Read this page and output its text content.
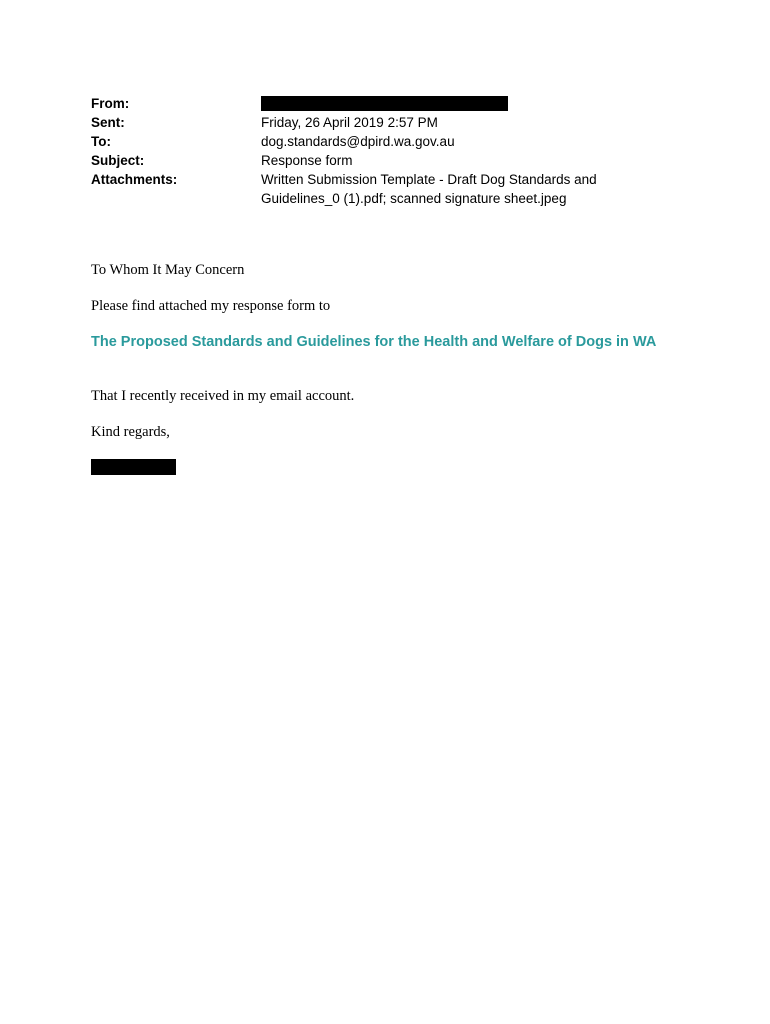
From:
Sent:	Friday, 26 April 2019 2:57 PM
To:	dog.standards@dpird.wa.gov.au
Subject:	Response form
Attachments:	Written Submission Template - Draft Dog Standards and Guidelines_0 (1).pdf; scanned signature sheet.jpeg

To Whom It May Concern

Please find attached my response form to

The Proposed Standards and Guidelines for the Health and Welfare of Dogs in WA

That I recently received in my email account.

Kind regards,
